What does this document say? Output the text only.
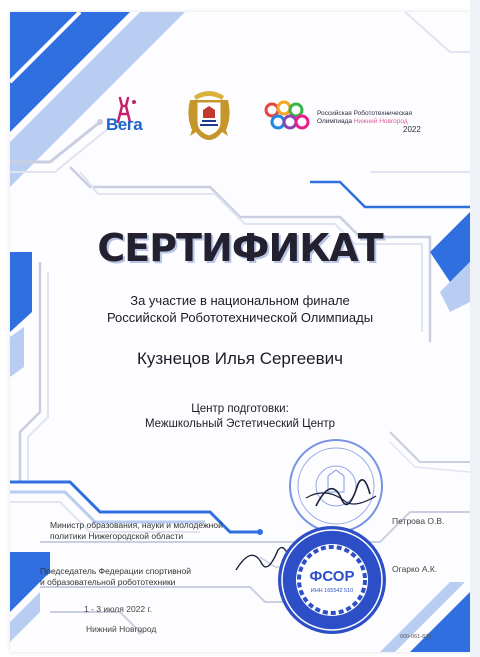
Вега
Российская Робототехническая
Олимпиада Нижний Новгород
2022
СЕРТИФИКАТ
За участие в национальном финале
Российской Робототехнической Олимпиады
Кузнецов Илья Сергеевич
Центр подготовки:
Межшкольный Эстетический Центр
Министр образования, науки и молодежной
политики Нижегородской области
Петрова О.В.
Председатель Федерации спортивной
и образовательной робототехники
Огарко А.К.
ФСОР
ИНН 165542 510
1 - 3 июля 2022 г.
Нижний Новгород
000-061-875
